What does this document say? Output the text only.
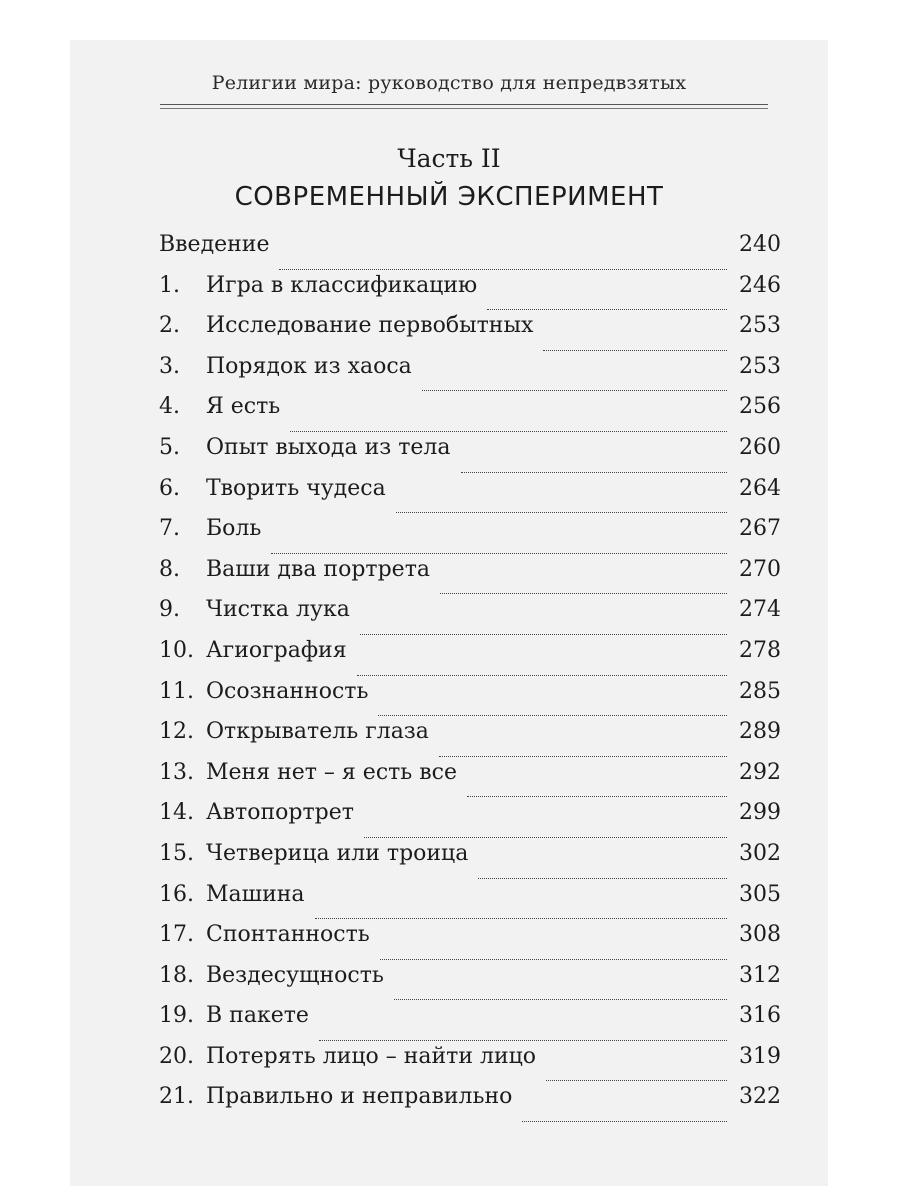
Религии мира: руководство для непредвзятых
Часть II
СОВРЕМЕННЫЙ ЭКСПЕРИМЕНТ
Введение	240
1.	Игра в классификацию	246
2.	Исследование первобытных	253
3.	Порядок из хаоса	253
4.	Я есть	256
5.	Опыт выхода из тела	260
6.	Творить чудеса	264
7.	Боль	267
8.	Ваши два портрета	270
9.	Чистка лука	274
10. Агиография	278
11. Осознанность	285
12. Открыватель глаза	289
13. Меня нет – я есть все	292
14. Автопортрет	299
15. Четверица или троица	302
16. Машина	305
17. Спонтанность	308
18. Вездесущность	312
19. В пакете	316
20. Потерять лицо – найти лицо	319
21. Правильно и неправильно	322
